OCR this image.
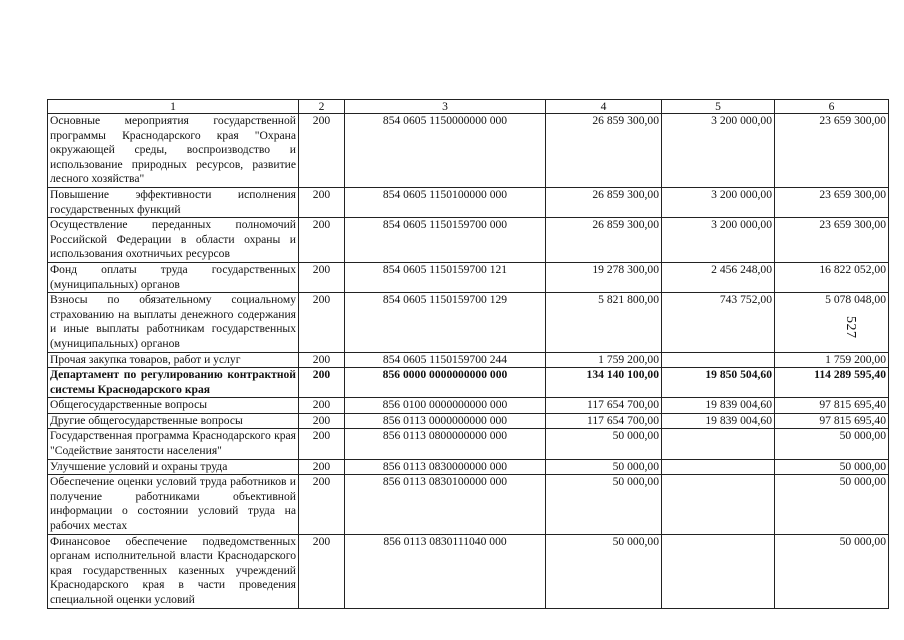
1	2	3	4	5	6
Основные мероприятия государственной программы Краснодарского края "Охрана окружающей среды, воспроизводство и использование природных ресурсов, развитие лесного хозяйства"	200	854 0605 1150000000 000	26 859 300,00	3 200 000,00	23 659 300,00
Повышение эффективности исполнения государственных функций	200	854 0605 1150100000 000	26 859 300,00	3 200 000,00	23 659 300,00
Осуществление переданных полномочий Российской Федерации в области охраны и использования охотничьих ресурсов	200	854 0605 1150159700 000	26 859 300,00	3 200 000,00	23 659 300,00
Фонд оплаты труда государственных (муниципальных) органов	200	854 0605 1150159700 121	19 278 300,00	2 456 248,00	16 822 052,00
Взносы по обязательному социальному страхованию на выплаты денежного содержания и иные выплаты работникам государственных (муниципальных) органов	200	854 0605 1150159700 129	5 821 800,00	743 752,00	5 078 048,00
Прочая закупка товаров, работ и услуг	200	854 0605 1150159700 244	1 759 200,00		1 759 200,00
Департамент по регулированию контрактной системы Краснодарского края	200	856 0000 0000000000 000	134 140 100,00	19 850 504,60	114 289 595,40
Общегосударственные вопросы	200	856 0100 0000000000 000	117 654 700,00	19 839 004,60	97 815 695,40
Другие общегосударственные вопросы	200	856 0113 0000000000 000	117 654 700,00	19 839 004,60	97 815 695,40
Государственная программа Краснодарского края "Содействие занятости населения"	200	856 0113 0800000000 000	50 000,00		50 000,00
Улучшение условий и охраны труда	200	856 0113 0830000000 000	50 000,00		50 000,00
Обеспечение оценки условий труда работников и получение работниками объективной информации о состоянии условий труда на рабочих местах	200	856 0113 0830100000 000	50 000,00		50 000,00
Финансовое обеспечение подведомственных органам исполнительной власти Краснодарского края государственных казенных учреждений Краснодарского края в части проведения специальной оценки условий	200	856 0113 0830111040 000	50 000,00		50 000,00
527
